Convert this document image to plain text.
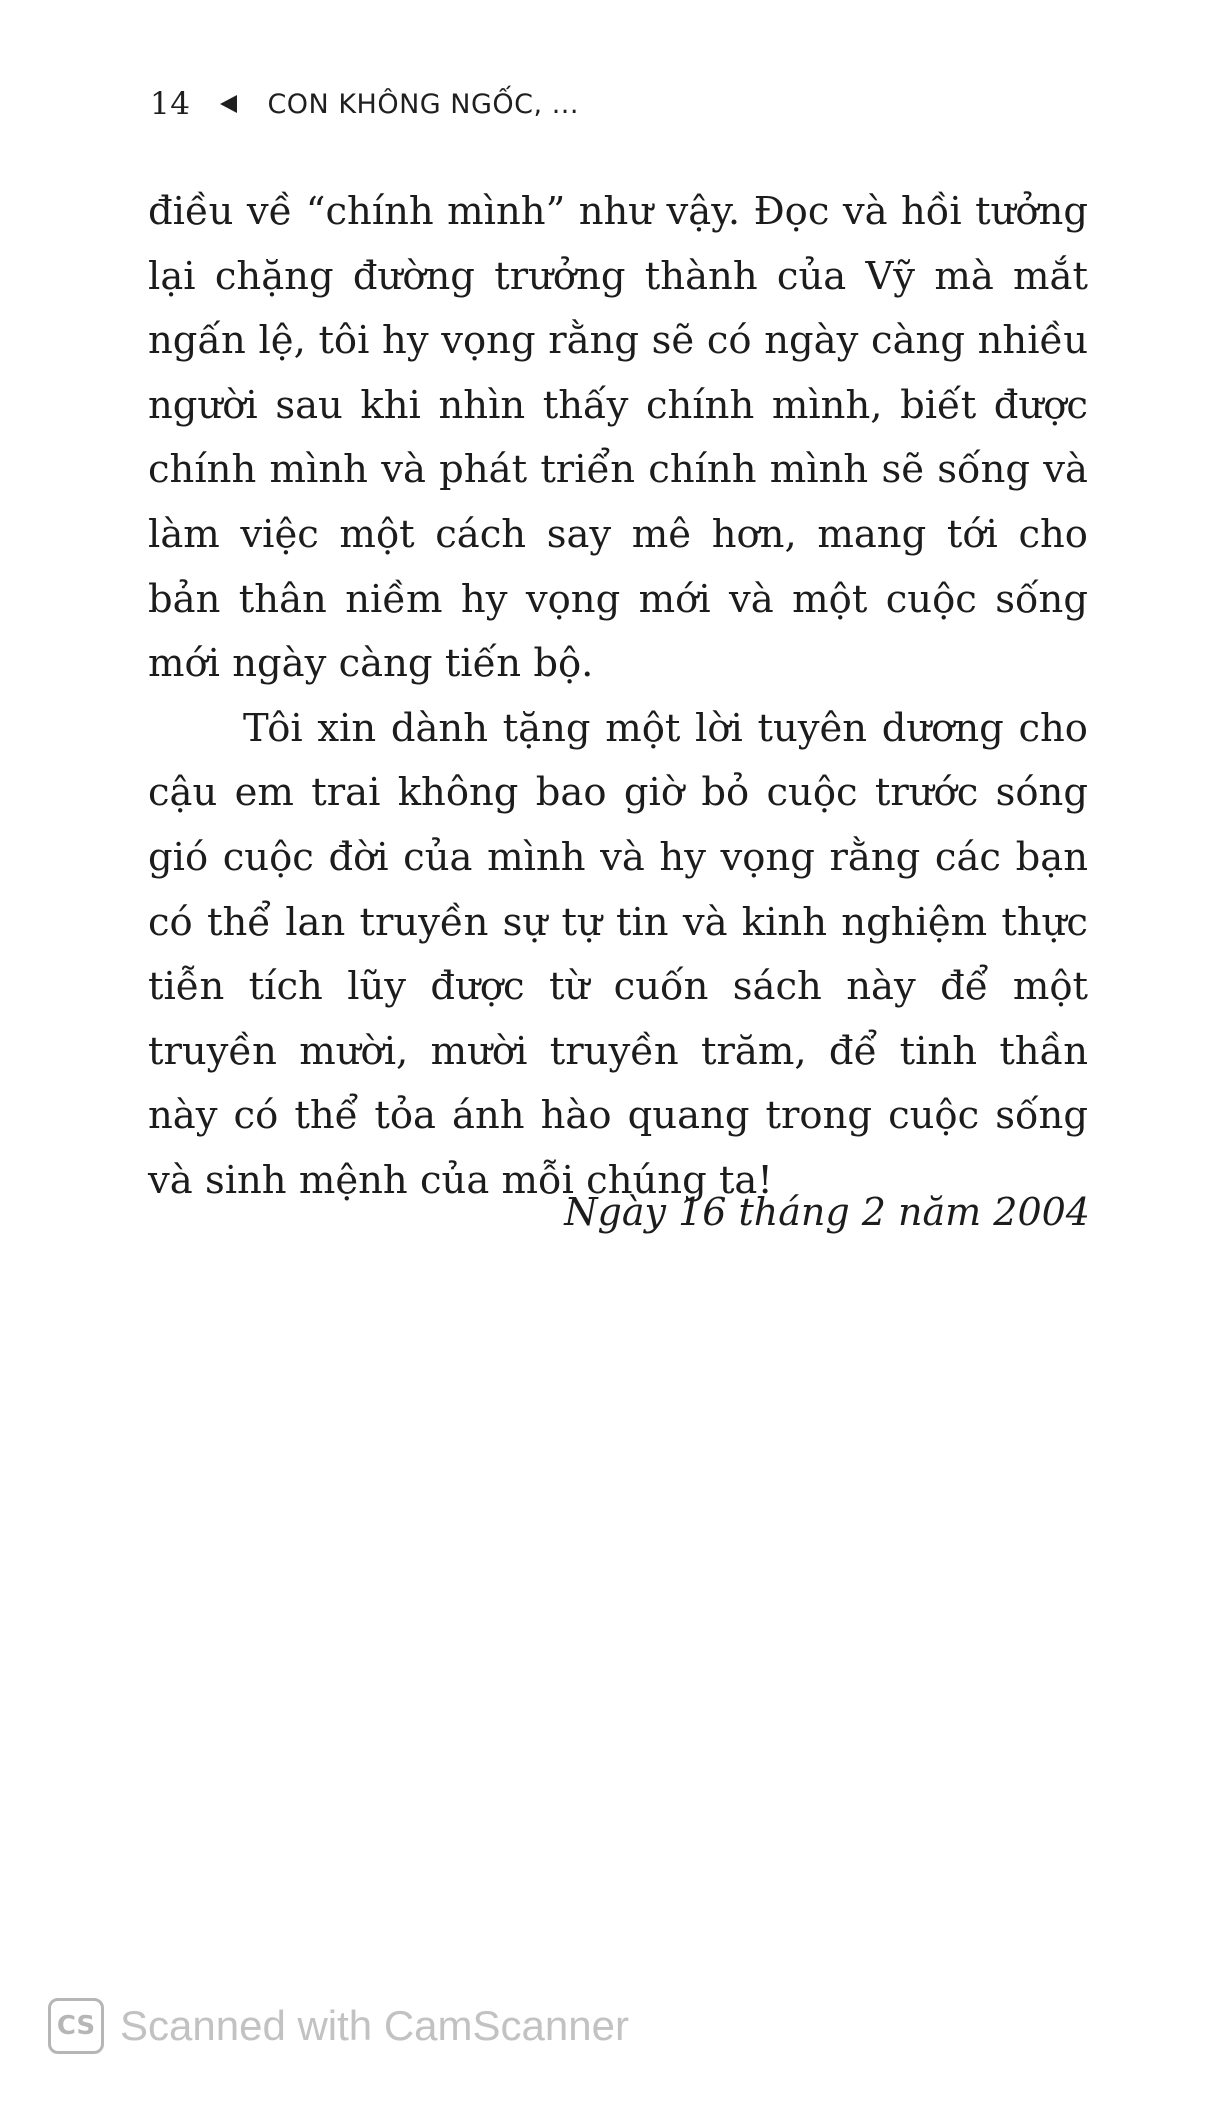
14	CON KHÔNG NGỐC, ...

điều về “chính mình” như vậy. Đọc và hồi tưởng lại chặng đường trưởng thành của Vỹ mà mắt ngấn lệ, tôi hy vọng rằng sẽ có ngày càng nhiều người sau khi nhìn thấy chính mình, biết được chính mình và phát triển chính mình sẽ sống và làm việc một cách say mê hơn, mang tới cho bản thân niềm hy vọng mới và một cuộc sống mới ngày càng tiến bộ.

Tôi xin dành tặng một lời tuyên dương cho cậu em trai không bao giờ bỏ cuộc trước sóng gió cuộc đời của mình và hy vọng rằng các bạn có thể lan truyền sự tự tin và kinh nghiệm thực tiễn tích lũy được từ cuốn sách này để một truyền mười, mười truyền trăm, để tinh thần này có thể tỏa ánh hào quang trong cuộc sống và sinh mệnh của mỗi chúng ta!

Ngày 16 tháng 2 năm 2004
CS Scanned with CamScanner
